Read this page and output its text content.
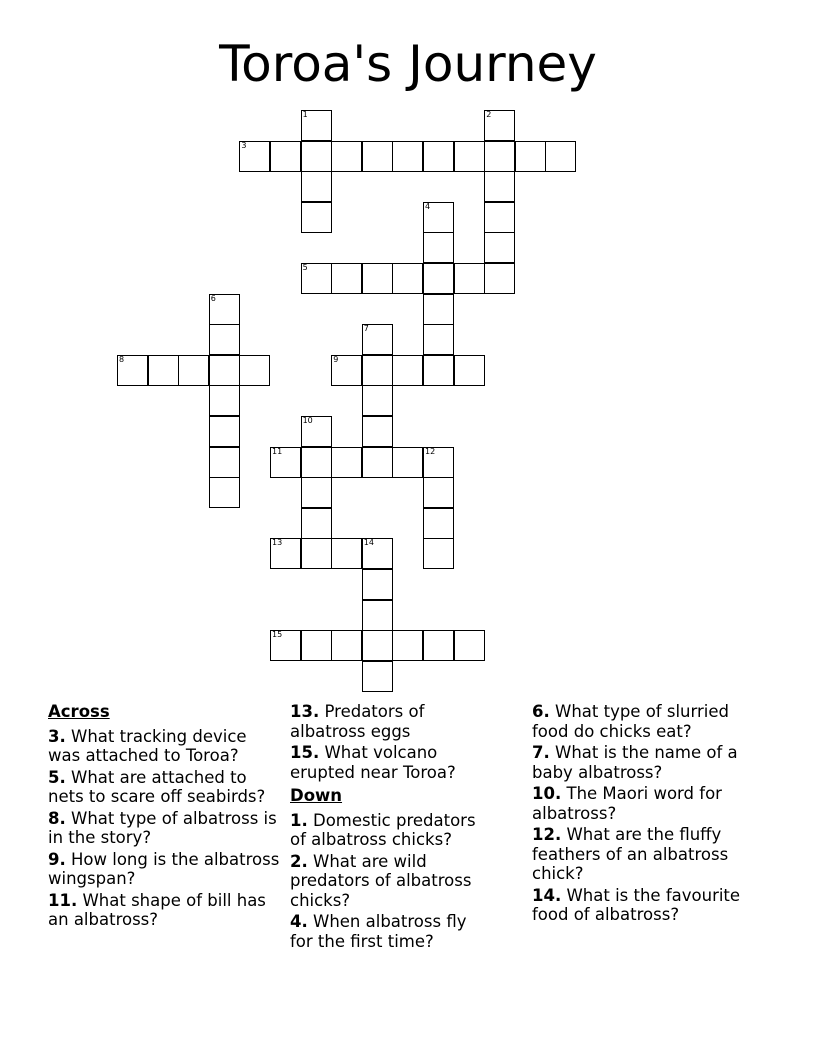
Toroa's Journey
1	2
3
4
5
6
7
8	9
10
11	12
13	14
15
Across
3. What tracking device was attached to Toroa?
5. What are attached to nets to scare off seabirds?
8. What type of albatross is in the story?
9. How long is the albatross wingspan?
11. What shape of bill has an albatross?
13. Predators of albatross eggs
15. What volcano erupted near Toroa?
Down
1. Domestic predators of albatross chicks?
2. What are wild predators of albatross chicks?
4. When albatross fly for the first time?
6. What type of slurried food do chicks eat?
7. What is the name of a baby albatross?
10. The Maori word for albatross?
12. What are the fluffy feathers of an albatross chick?
14. What is the favourite food of albatross?
